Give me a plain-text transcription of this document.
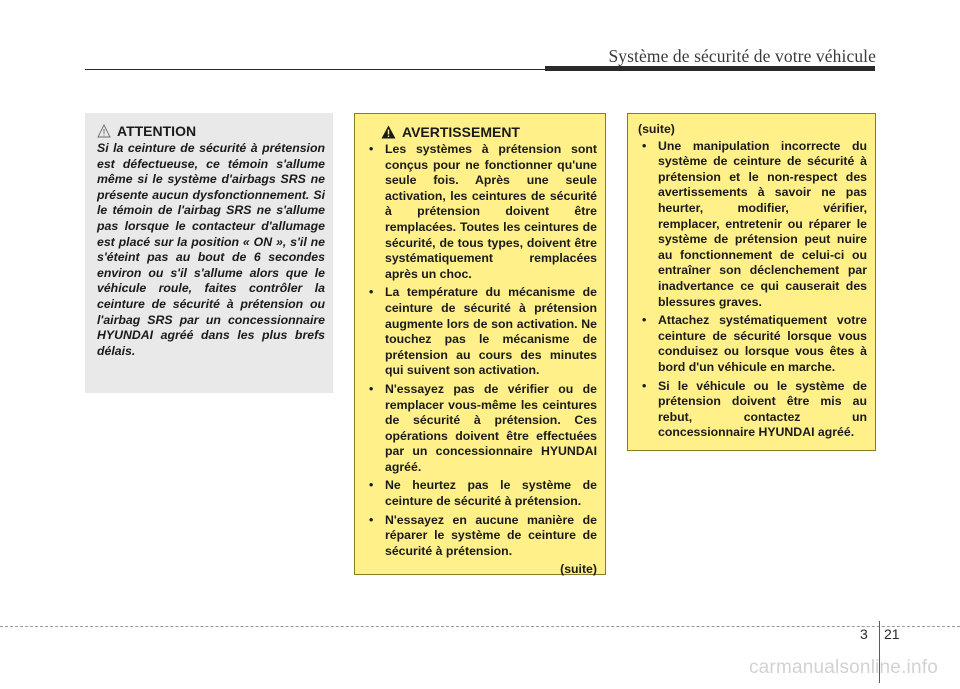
Système de sécurité de votre véhicule
ATTENTION

Si la ceinture de sécurité à prétension est défectueuse, ce témoin s'allume même si le système d'airbags SRS ne présente aucun dysfonctionnement. Si le témoin de l'airbag SRS ne s'allume pas lorsque le contacteur d'allumage est placé sur la position « ON », s'il ne s'éteint pas au bout de 6 secondes environ ou s'il s'allume alors que le véhicule roule, faites contrôler la ceinture de sécurité à prétension ou l'airbag SRS par un concessionnaire HYUNDAI agréé dans les plus brefs délais.

AVERTISSEMENT
• Les systèmes à prétension sont conçus pour ne fonctionner qu'une seule fois. Après une seule activation, les ceintures de sécurité à prétension doivent être remplacées. Toutes les ceintures de sécurité, de tous types, doivent être systématiquement remplacées après un choc.
• La température du mécanisme de ceinture de sécurité à prétension augmente lors de son activation. Ne touchez pas le mécanisme de prétension au cours des minutes qui suivent son activation.
• N'essayez pas de vérifier ou de remplacer vous-même les ceintures de sécurité à prétension. Ces opérations doivent être effectuées par un concessionnaire HYUNDAI agréé.
• Ne heurtez pas le système de ceinture de sécurité à prétension.
• N'essayez en aucune manière de réparer le système de ceinture de sécurité à prétension.
(suite)
(suite)
• Une manipulation incorrecte du système de ceinture de sécurité à prétension et le non-respect des avertissements à savoir ne pas heurter, modifier, vérifier, remplacer, entretenir ou réparer le système de prétension peut nuire au fonctionnement de celui-ci ou entraîner son déclenchement par inadvertance ce qui causerait des blessures graves.
• Attachez systématiquement votre ceinture de sécurité lorsque vous conduisez ou lorsque vous êtes à bord d'un véhicule en marche.
• Si le véhicule ou le système de prétension doivent être mis au rebut, contactez un concessionnaire HYUNDAI agréé.
3 21
carmanualsonline.info
